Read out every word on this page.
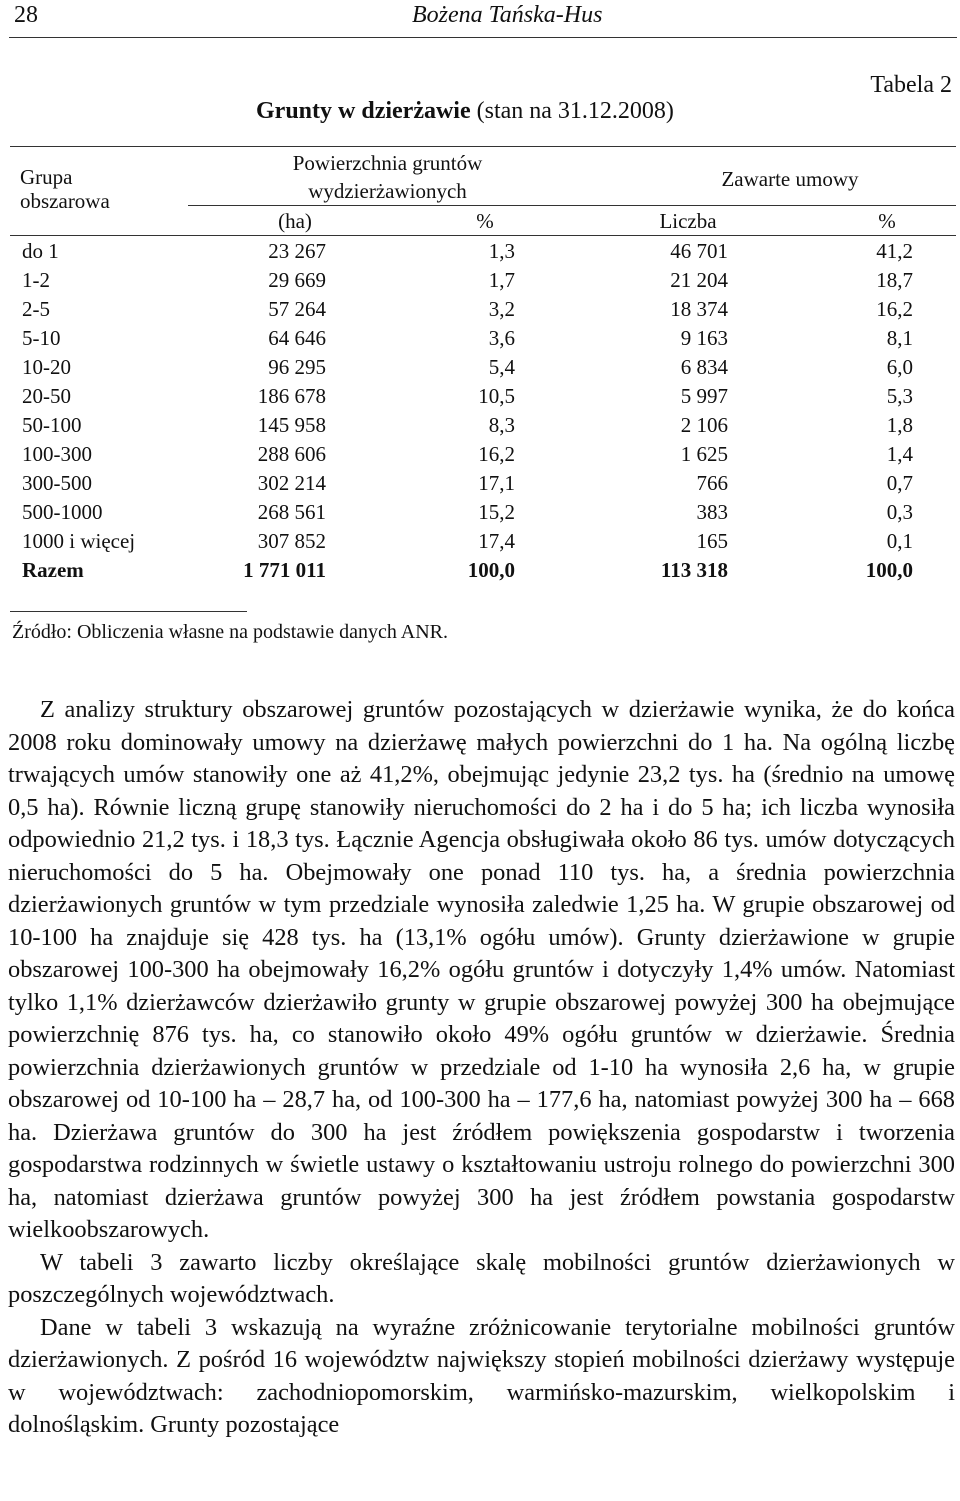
28	Bożena Tańska-Hus
Tabela 2
Grunty w dzierżawie (stan na 31.12.2008)
Grupa obszarowa
Powierzchnia gruntów
wydzierżawionych	Zawarte umowy
(ha)	%	Liczba	%
do 1	23 267	1,3	46 701	41,2
1-2	29 669	1,7	21 204	18,7
2-5	57 264	3,2	18 374	16,2
5-10	64 646	3,6	9 163	8,1
10-20	96 295	5,4	6 834	6,0
20-50	186 678	10,5	5 997	5,3
50-100	145 958	8,3	2 106	1,8
100-300	288 606	16,2	1 625	1,4
300-500	302 214	17,1	766	0,7
500-1000	268 561	15,2	383	0,3
1000 i więcej	307 852	17,4	165	0,1
Razem	1 771 011	100,0	113 318	100,0
Źródło: Obliczenia własne na podstawie danych ANR.

Z analizy struktury obszarowej gruntów pozostających w dzierżawie wynika, że do końca 2008 roku dominowały umowy na dzierżawę małych powierzchni do 1 ha. Na ogólną liczbę trwających umów stanowiły one aż 41,2%, obejmując jedynie 23,2 tys. ha (średnio na umowę 0,5 ha). Równie liczną grupę stanowiły nieruchomości do 2 ha i do 5 ha; ich liczba wynosiła odpowiednio 21,2 tys. i 18,3 tys. Łącznie Agencja obsługiwała około 86 tys. umów dotyczących nieruchomości do 5 ha. Obejmowały one ponad 110 tys. ha, a średnia powierzchnia dzierżawionych gruntów w tym przedziale wynosiła zaledwie 1,25 ha. W grupie obszarowej od 10-100 ha znajduje się 428 tys. ha (13,1% ogółu umów). Grunty dzierżawione w grupie obszarowej 100-300 ha obejmowały 16,2% ogółu gruntów i dotyczyły 1,4% umów. Natomiast tylko 1,1% dzierżawców dzierżawiło grunty w grupie obszarowej powyżej 300 ha obejmujące powierzchnię 876 tys. ha, co stanowiło około 49% ogółu gruntów w dzierżawie. Średnia powierzchnia dzierżawionych gruntów w przedziale od 1-10 ha wynosiła 2,6 ha, w grupie obszarowej od 10-100 ha – 28,7 ha, od 100-300 ha – 177,6 ha, natomiast powyżej 300 ha – 668 ha. Dzierżawa gruntów do 300 ha jest źródłem powiększenia gospodarstw i tworzenia gospodarstwa rodzinnych w świetle ustawy o kształtowaniu ustroju rolnego do powierzchni 300 ha, natomiast dzierżawa gruntów powyżej 300 ha jest źródłem powstania gospodarstw wielkoobszarowych.

W tabeli 3 zawarto liczby określające skalę mobilności gruntów dzierżawionych w poszczególnych województwach.

Dane w tabeli 3 wskazują na wyraźne zróżnicowanie terytorialne mobilności gruntów dzierżawionych. Z pośród 16 województw największy stopień mobilności dzierżawy występuje w województwach: zachodniopomorskim, warmińsko-mazurskim, wielkopolskim i dolnośląskim. Grunty pozostające
